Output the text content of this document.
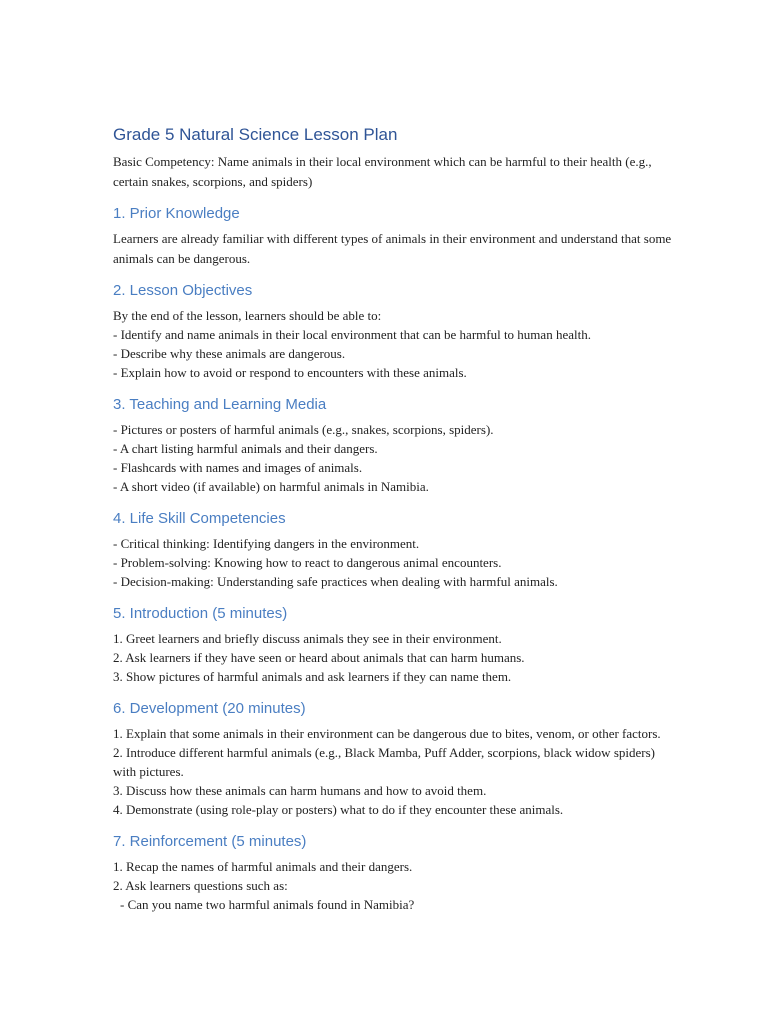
Grade 5 Natural Science Lesson Plan

Basic Competency: Name animals in their local environment which can be harmful to their health (e.g., certain snakes, scorpions, and spiders)

1. Prior Knowledge

Learners are already familiar with different types of animals in their environment and understand that some animals can be dangerous.

2. Lesson Objectives
By the end of the lesson, learners should be able to:
- Identify and name animals in their local environment that can be harmful to human health.
- Describe why these animals are dangerous.
- Explain how to avoid or respond to encounters with these animals.
3. Teaching and Learning Media
- Pictures or posters of harmful animals (e.g., snakes, scorpions, spiders).
- A chart listing harmful animals and their dangers.
- Flashcards with names and images of animals.
- A short video (if available) on harmful animals in Namibia.
4. Life Skill Competencies
- Critical thinking: Identifying dangers in the environment.
- Problem-solving: Knowing how to react to dangerous animal encounters.
- Decision-making: Understanding safe practices when dealing with harmful animals.
5. Introduction (5 minutes)
1. Greet learners and briefly discuss animals they see in their environment.
2. Ask learners if they have seen or heard about animals that can harm humans.
3. Show pictures of harmful animals and ask learners if they can name them.
6. Development (20 minutes)
1. Explain that some animals in their environment can be dangerous due to bites, venom, or other factors.
2. Introduce different harmful animals (e.g., Black Mamba, Puff Adder, scorpions, black widow spiders) with pictures.
3. Discuss how these animals can harm humans and how to avoid them.
4. Demonstrate (using role-play or posters) what to do if they encounter these animals.
7. Reinforcement (5 minutes)
1. Recap the names of harmful animals and their dangers.
2. Ask learners questions such as:
- Can you name two harmful animals found in Namibia?
